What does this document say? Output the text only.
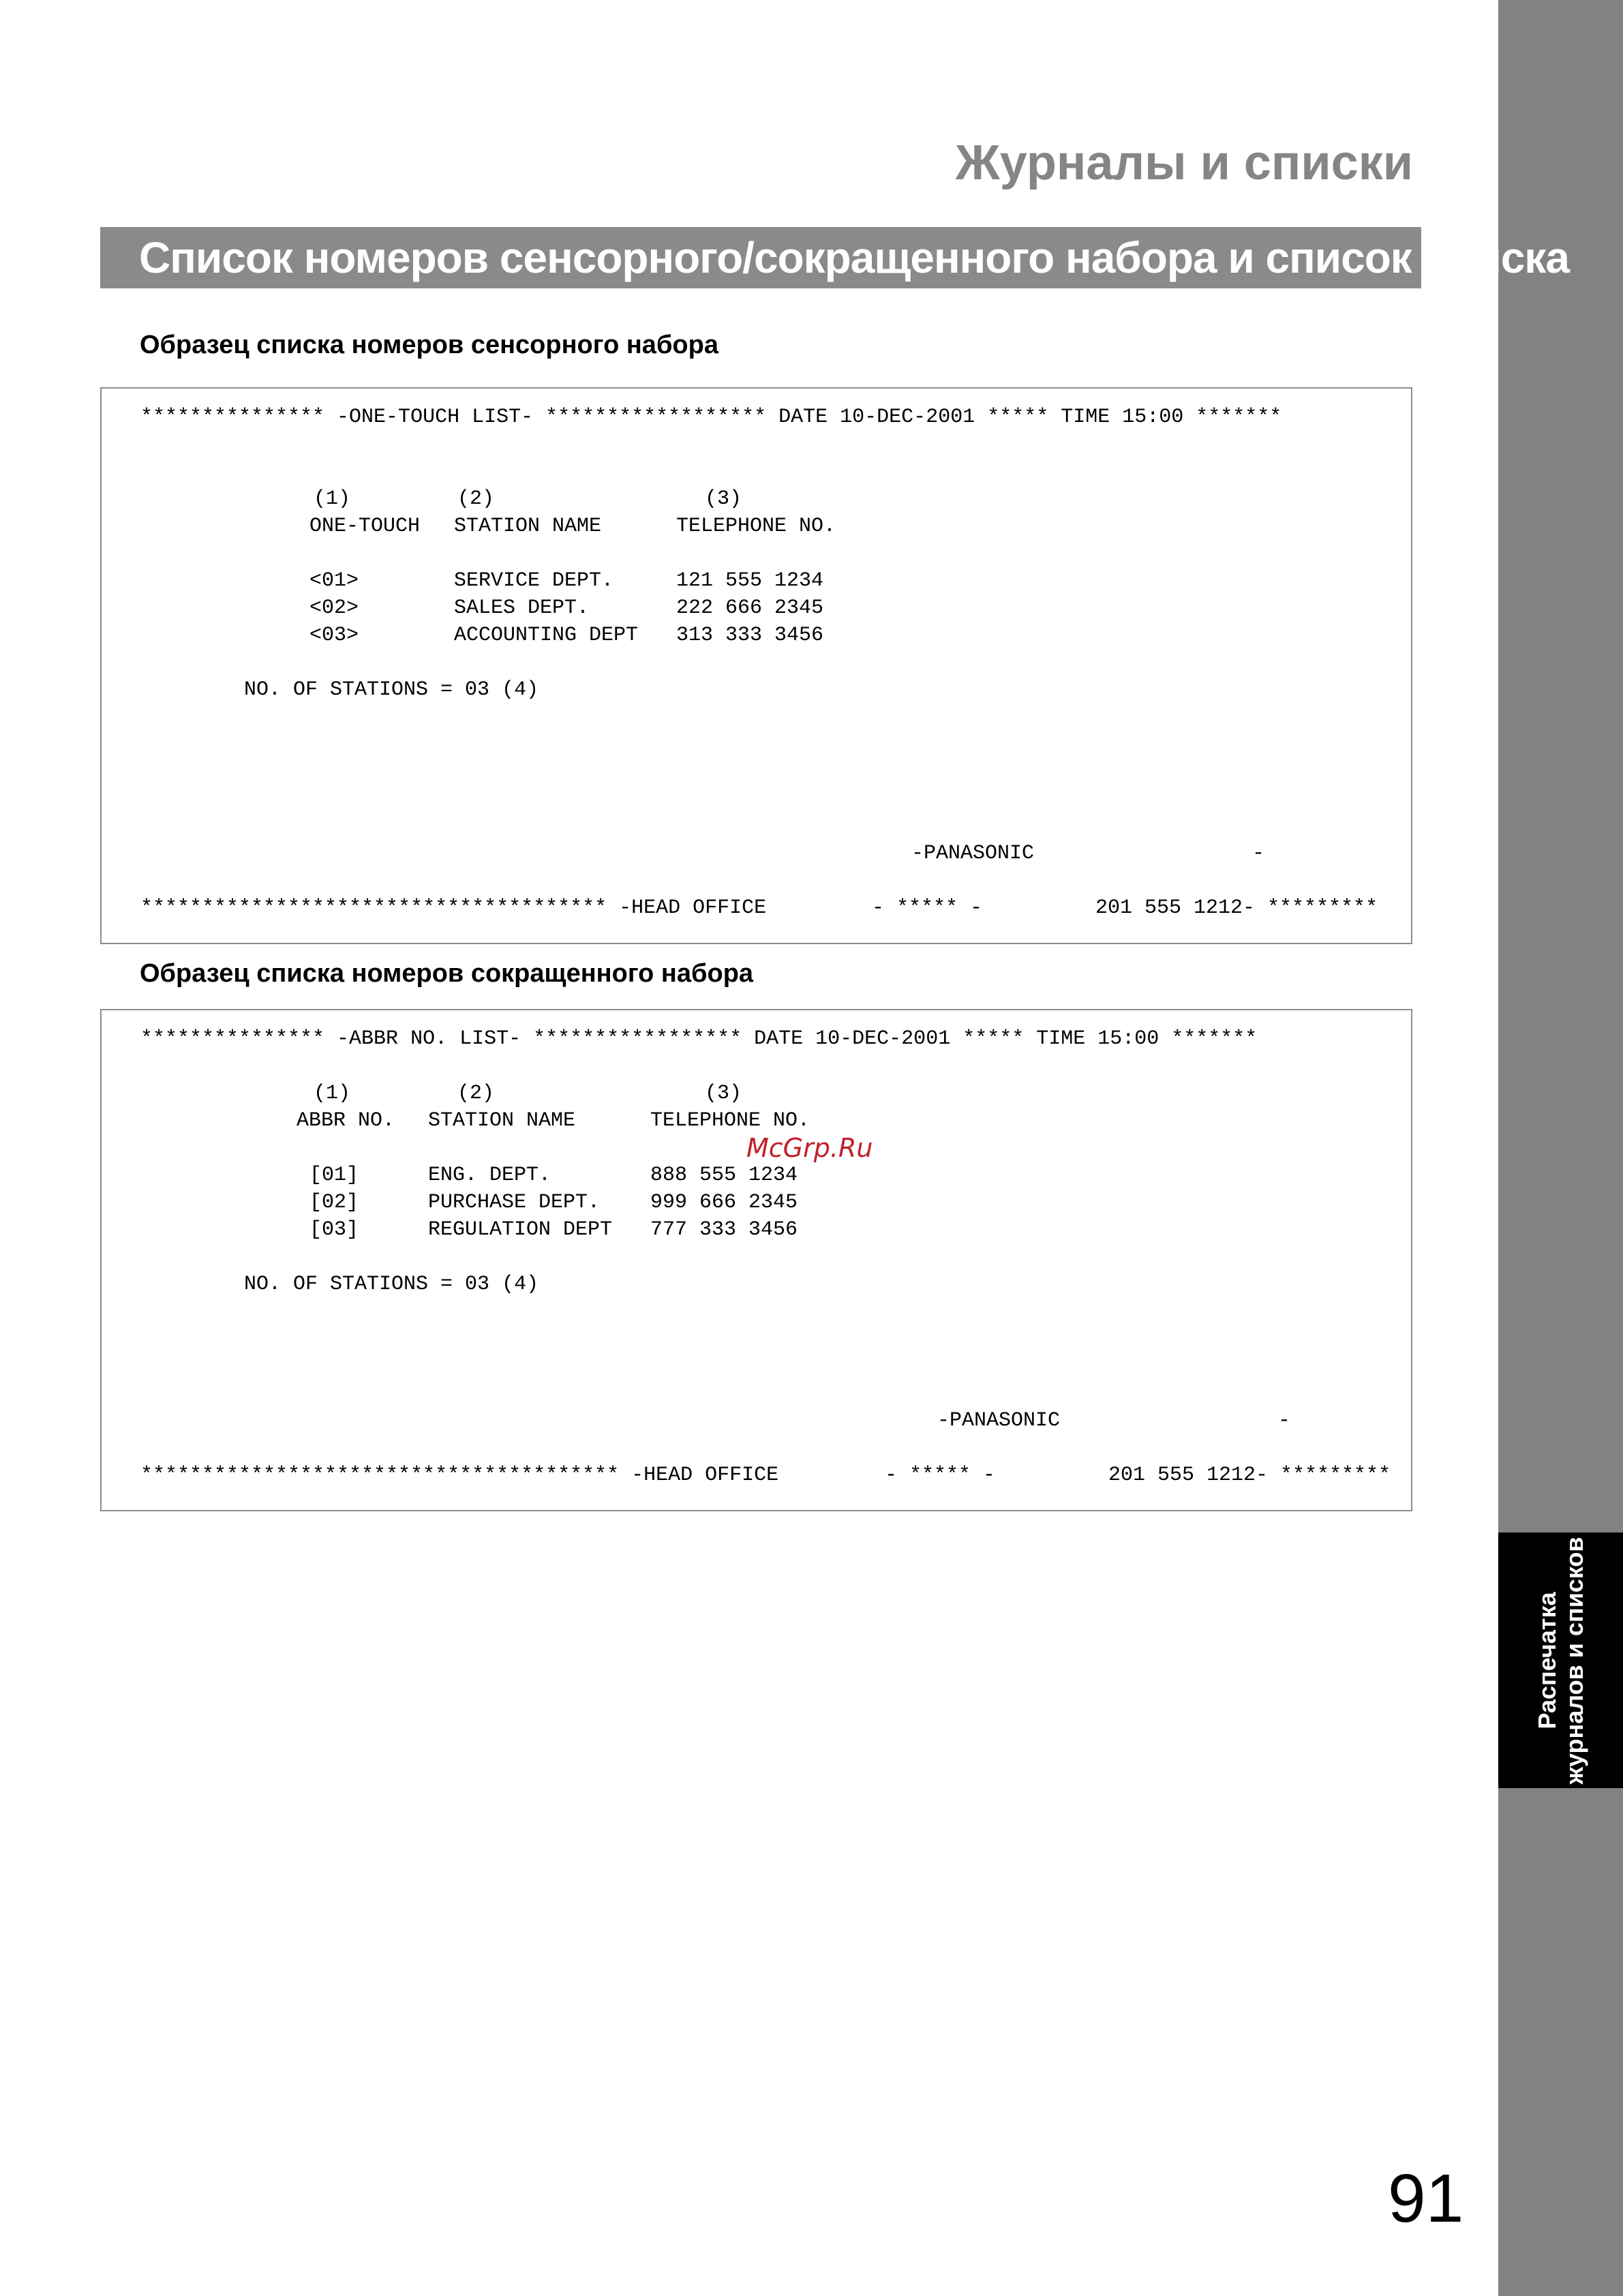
Распечатка журналов и списков
Журналы и списки
Список номеров сенсорного/сокращенного набора и список поиска
Образец списка номеров сенсорного набора
*************** -ONE-TOUCH LIST- ****************** DATE 10-DEC-2001 ***** TIME 15:00 *******
(1)	(2)	(3)
ONE-TOUCH STATION NAME	TELEPHONE NO.
<01>	SERVICE DEPT.	121 555 1234
<02>	SALES DEPT.	222 666 2345
<03>	ACCOUNTING DEPT 313 333 3456
NO. OF STATIONS = 03 (4)
-PANASONIC	-
************************************** -HEAD OFFICE	- ***** -	201 555 1212- *********
Образец списка номеров сокращенного набора
*************** -ABBR NO. LIST- ***************** DATE 10-DEC-2001 ***** TIME 15:00 *******
(1)	(2)	(3)
ABBR NO. STATION NAME	TELEPHONE NO.
[01]	ENG. DEPT.	888 555 1234
[02]	PURCHASE DEPT. 999 666 2345
[03]	REGULATION DEPT 777 333 3456
NO. OF STATIONS = 03 (4)
-PANASONIC	-
*************************************** -HEAD OFFICE	- ***** -	201 555 1212- *********
McGrp.Ru
91
